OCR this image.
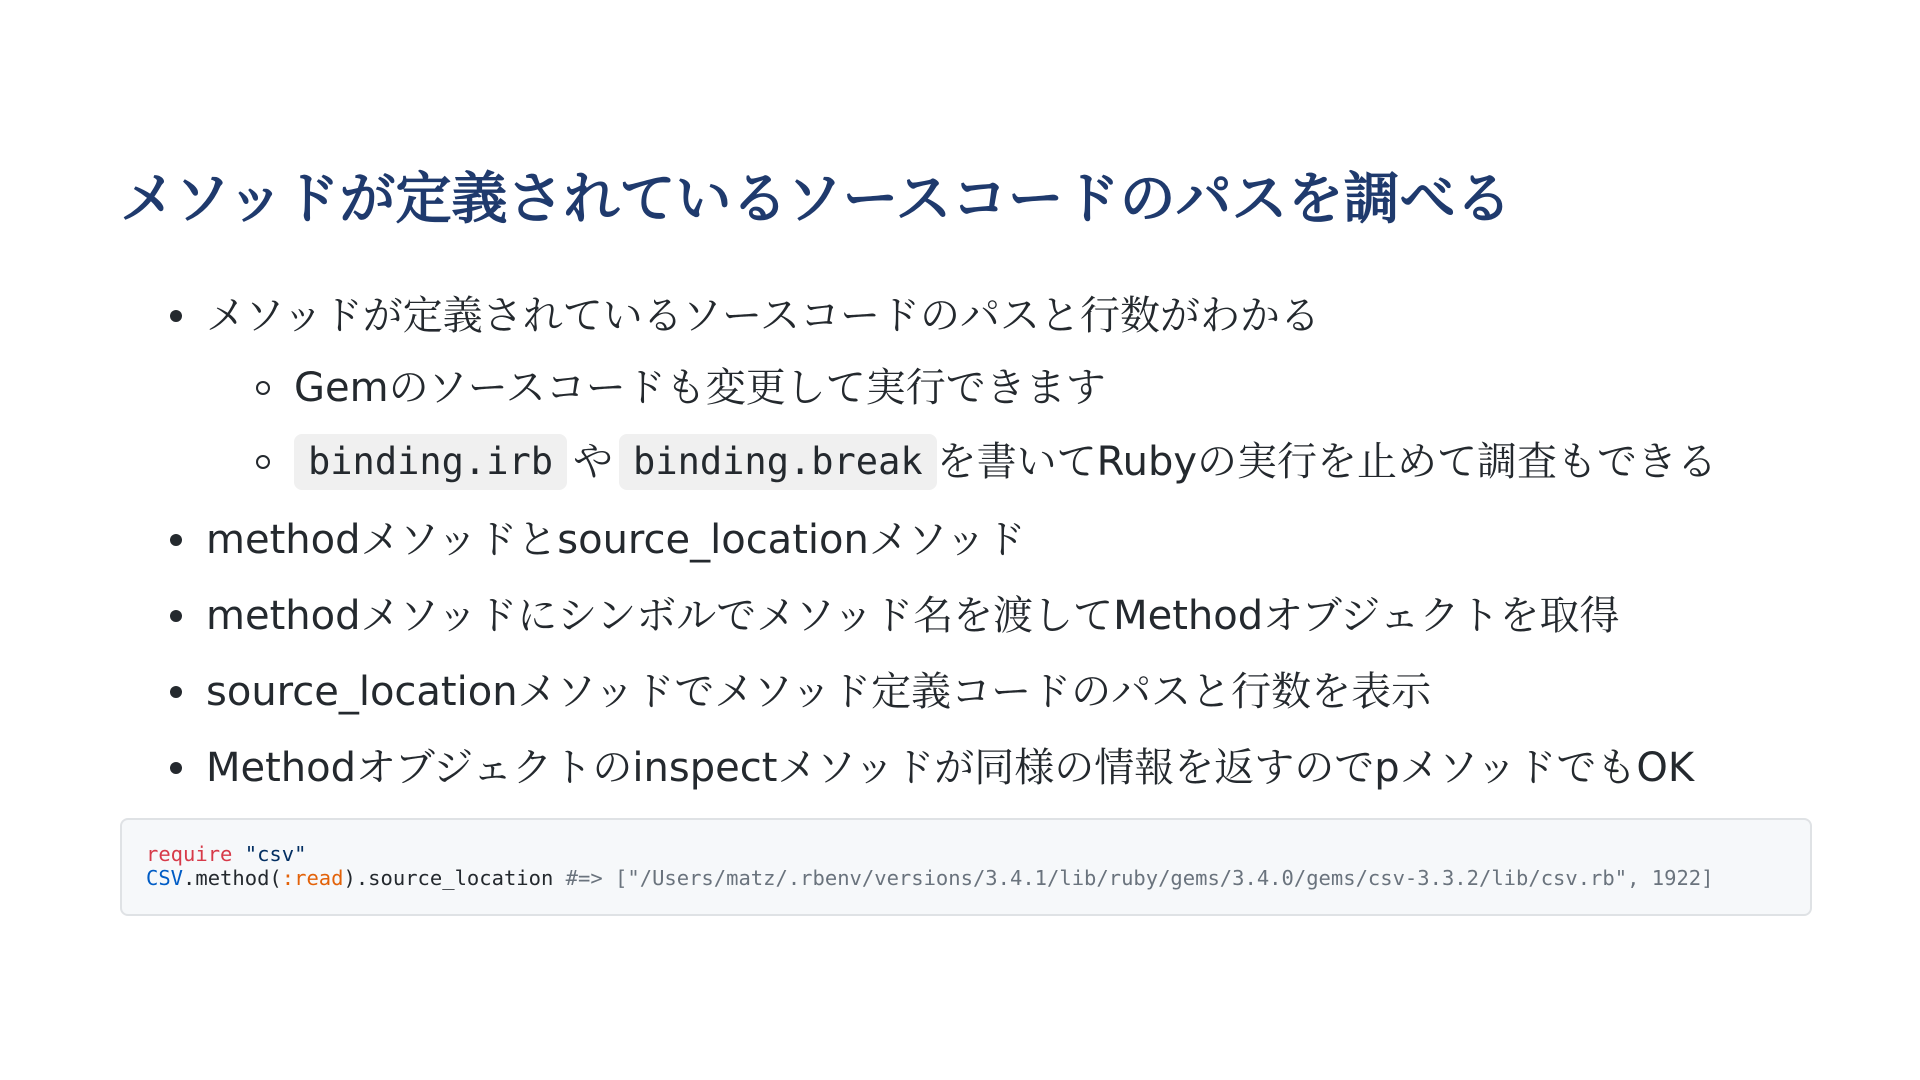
メソッドが定義されているソースコードのパスを調べる
メソッドが定義されているソースコードのパスと行数がわかる
Gemのソースコードも変更して実行できます
binding.irb や binding.break を書いてRubyの実行を止めて調査もできる
methodメソッドとsource_locationメソッド
methodメソッドにシンボルでメソッド名を渡してMethodオブジェクトを取得
source_locationメソッドでメソッド定義コードのパスと行数を表示
Methodオブジェクトのinspectメソッドが同様の情報を返すのでpメソッドでもOK
require "csv"
CSV.method(:read).source_location #=> ["/Users/matz/.rbenv/versions/3.4.1/lib/ruby/gems/3.4.0/gems/csv-3.3.2/lib/csv.rb", 1922]
